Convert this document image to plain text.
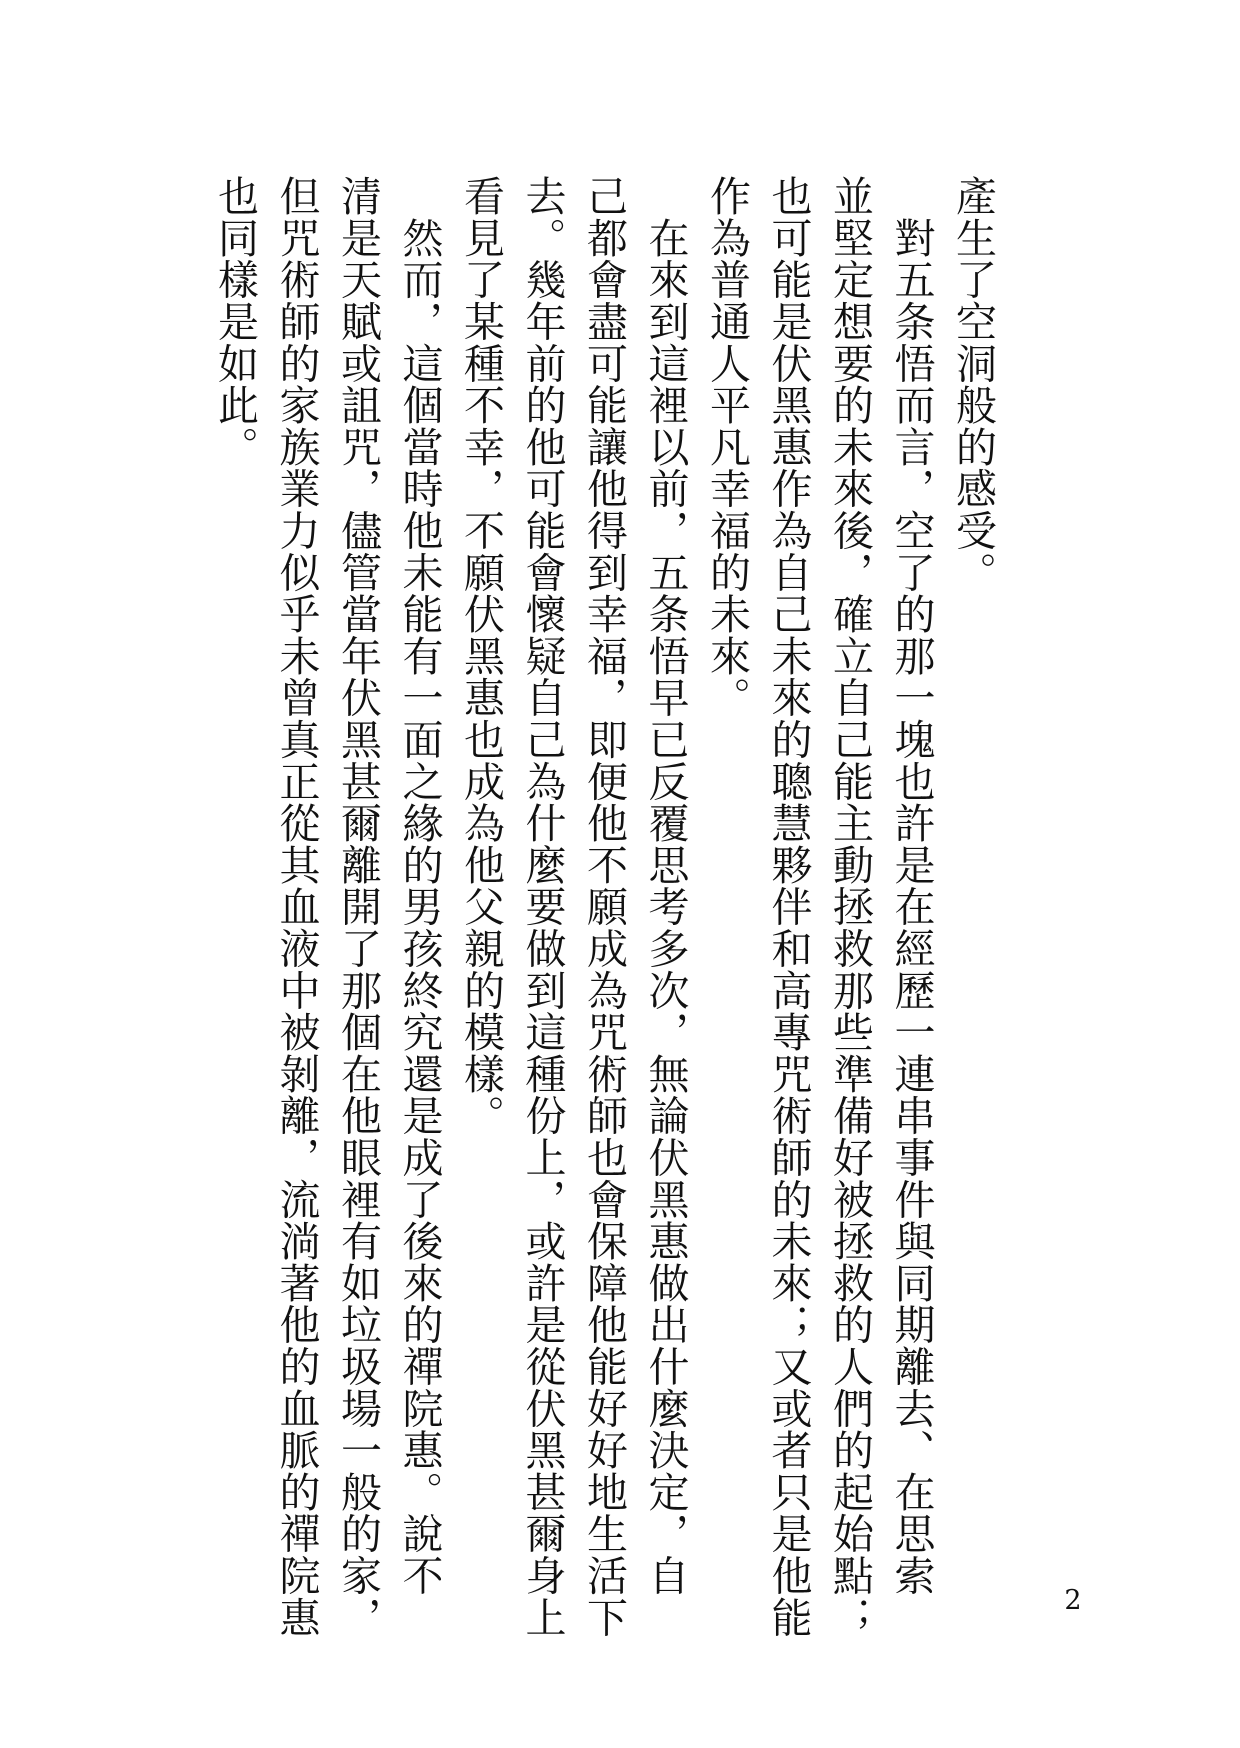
產生了空洞般的感受。

　對五条悟而言，空了的那一塊也許是在經歷一連串事件與同期離去、在思索

並堅定想要的未來後，確立自己能主動拯救那些準備好被拯救的人們的起始點；

也可能是伏黑惠作為自己未來的聰慧夥伴和高專咒術師的未來；又或者只是他能

作為普通人平凡幸福的未來。

　在來到這裡以前，五条悟早已反覆思考多次，無論伏黑惠做出什麼決定，自

己都會盡可能讓他得到幸福，即便他不願成為咒術師也會保障他能好好地生活下

去。幾年前的他可能會懷疑自己為什麼要做到這種份上，或許是從伏黑甚爾身上

看見了某種不幸，不願伏黑惠也成為他父親的模樣。

　然而，這個當時他未能有一面之緣的男孩終究還是成了後來的禪院惠。說不

清是天賦或詛咒，儘管當年伏黑甚爾離開了那個在他眼裡有如垃圾場一般的家，

但咒術師的家族業力似乎未曾真正從其血液中被剝離，流淌著他的血脈的禪院惠

也同樣是如此。

2
